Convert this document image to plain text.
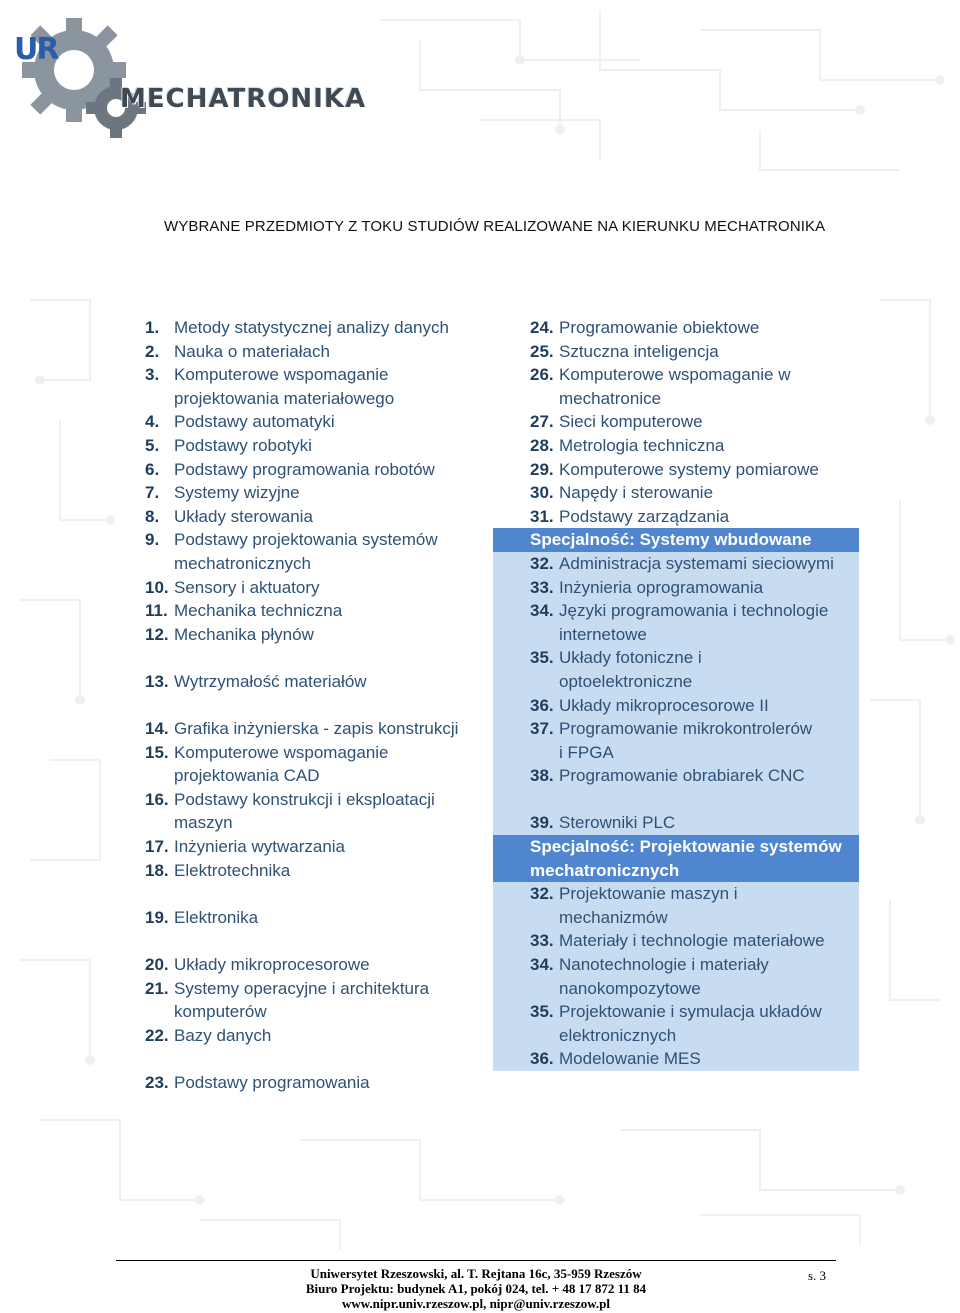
UR
MECHATRONIKA
WYBRANE PRZEDMIOTY Z TOKU STUDIÓW REALIZOWANE NA KIERUNKU MECHATRONIKA
1. Metody statystycznej analizy danych
2. Nauka o materiałach
3. Komputerowe wspomaganie
projektowania materiałowego
4. Podstawy automatyki
5. Podstawy robotyki
6. Podstawy programowania robotów
7. Systemy wizyjne
8. Układy sterowania
9. Podstawy projektowania systemów
mechatronicznych
10. Sensory i aktuatory
11. Mechanika techniczna
12. Mechanika płynów
13. Wytrzymałość materiałów
14. Grafika inżynierska - zapis konstrukcji
15. Komputerowe wspomaganie
projektowania CAD
16. Podstawy konstrukcji i eksploatacji
maszyn
17. Inżynieria wytwarzania
18. Elektrotechnika
19. Elektronika
20. Układy mikroprocesorowe
21. Systemy operacyjne i architektura
komputerów
22. Bazy danych
23. Podstawy programowania
24. Programowanie obiektowe
25. Sztuczna inteligencja
26. Komputerowe wspomaganie w
mechatronice
27. Sieci komputerowe
28. Metrologia techniczna
29. Komputerowe systemy pomiarowe
30. Napędy i sterowanie
31. Podstawy zarządzania
Specjalność: Systemy wbudowane
32. Administracja systemami sieciowymi
33. Inżynieria oprogramowania
34. Języki programowania i technologie
internetowe
35. Układy fotoniczne i
optoelektroniczne
36. Układy mikroprocesorowe II
37. Programowanie mikrokontrolerów
i FPGA
38. Programowanie obrabiarek CNC
39. Sterowniki PLC
Specjalność: Projektowanie systemów
mechatronicznych
32. Projektowanie maszyn i
mechanizmów
33. Materiały i technologie materiałowe
34. Nanotechnologie i materiały
nanokompozytowe
35. Projektowanie i symulacja układów
elektronicznych
36. Modelowanie MES
Uniwersytet Rzeszowski, al. T. Rejtana 16c, 35-959 Rzeszów
Biuro Projektu: budynek A1, pokój 024, tel. + 48 17 872 11 84
www.nipr.univ.rzeszow.pl, nipr@univ.rzeszow.pl
s. 3
